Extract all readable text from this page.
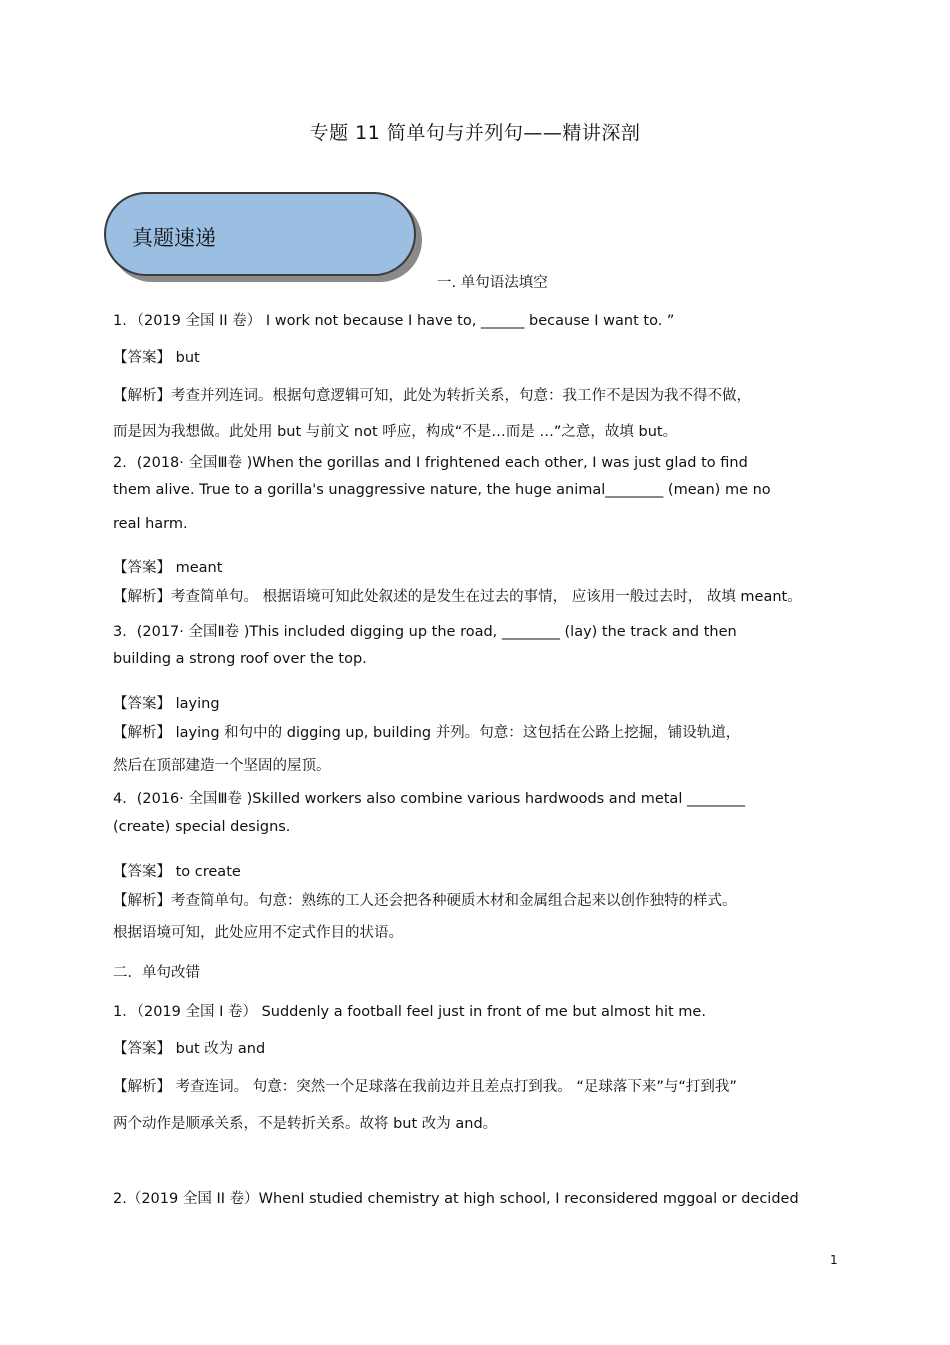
专题 11 简单句与并列句——精讲深剖
真题速递
一. 单句语法填空
1．（2019 全国 II 卷） I work not because I have to, ______ because I want to. ”
【答案】 but
【解析】考查并列连词。根据句意逻辑可知，此处为转折关系，句意：我工作不是因为我不得不做，
而是因为我想做。此处用 but 与前文 not 呼应，构成“不是…而是 …”之意，故填 but。
2．(2018· 全国Ⅲ卷 )When the gorillas and I frightened each other, I was just glad to find
them alive. True to a gorilla's unaggressive nature, the huge animal________ (mean) me no
real harm.
【答案】 meant
【解析】考查简单句。 根据语境可知此处叙述的是发生在过去的事情， 应该用一般过去时， 故填 meant。
3．(2017· 全国Ⅱ卷 )This included digging up the road, ________ (lay) the track and then
building a strong roof over the top.
【答案】 laying
【解析】 laying 和句中的 digging up, building 并列。句意：这包括在公路上挖掘，铺设轨道，
然后在顶部建造一个坚固的屋顶。
4．(2016· 全国Ⅲ卷 )Skilled workers also combine various hardwoods and metal ________
(create) special designs.
【答案】 to create
【解析】考查简单句。句意：熟练的工人还会把各种硬质木材和金属组合起来以创作独特的样式。
根据语境可知，此处应用不定式作目的状语。
二．单句改错
1．（2019 全国 I 卷） Suddenly a football feel just in front of me but almost hit me.
【答案】 but 改为 and
【解析】 考查连词。 句意：突然一个足球落在我前边并且差点打到我。 “足球落下来”与“打到我”
两个动作是顺承关系，不是转折关系。故将 but 改为 and。
2.（2019 全国 II 卷）WhenI studied chemistry at high school, I reconsidered mggoal or decided
1
